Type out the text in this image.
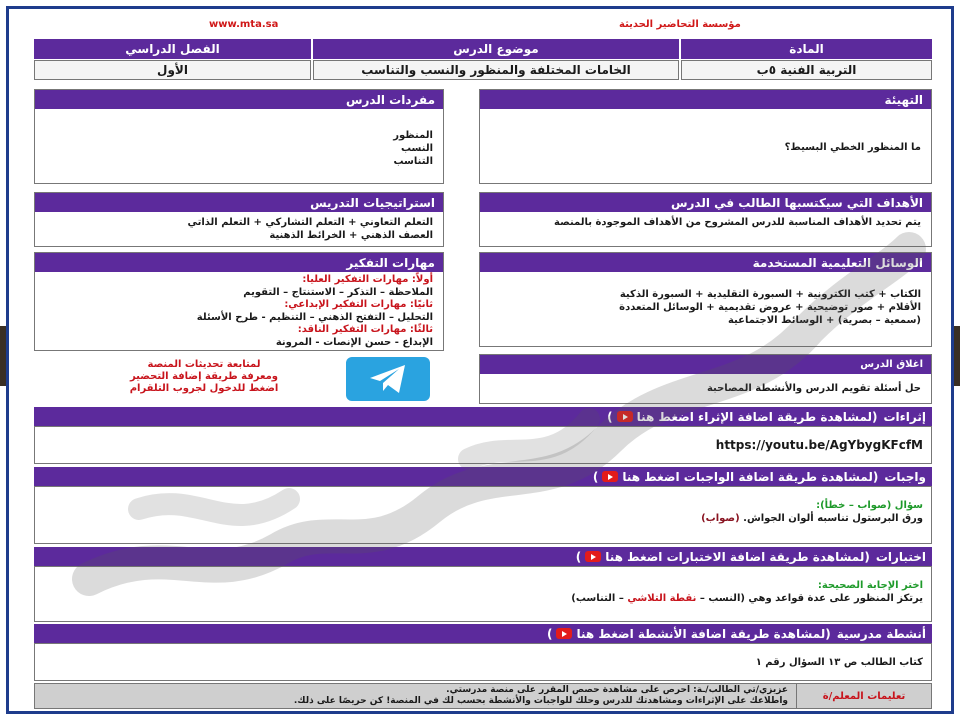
www.mta.sa	مؤسسة التحاضير الحديثة
الفصل الدراسي	موضوع الدرس	المادة
الأول	الخامات المختلفة والمنظور والنسب والتناسب	التربية الفنية ٥ب
التهيئة
ما المنظور الخطي البسيط؟
مفردات الدرس
المنظور
النسب
التناسب
الأهداف التي سيكتسبها الطالب في الدرس
يتم تحديد الأهداف المناسبة للدرس المشروح من الأهداف الموجودة بالمنصة
استراتيجيات التدريس
التعلم التعاوني + التعلم التشاركي + التعلم الذاتي
العصف الذهني + الخرائط الذهنية
الوسائل التعليمية المستخدمة
الكتاب + كتب الكترونية + السبورة التقليدية + السبورة الذكية
الأقلام + صور توضيحية + عروض تقديمية + الوسائل المتعددة
(سمعية – بصرية) + الوسائط الاجتماعية
مهارات التفكير
أولاً: مهارات التفكير العليا:
الملاحظة – التذكر – الاستنتاج – التقويم
ثانيًا: مهارات التفكير الإبداعي:
التحليل – التفتح الذهني – التنظيم - طرح الأسئلة
ثالثًا: مهارات التفكير الناقد:
الإبداع - حسن الإنصات - المرونة
لمتابعة تحديثات المنصة
ومعرفة طريقة إضافة التحضير
اضغط للدخول لجروب التلقرام
اغلاق الدرس
حل أسئلة تقويم الدرس والأنشطة المصاحبة
إثراءات
(لمشاهدة طريقة اضافة الإثراء اضغط هنا
)
https://youtu.be/AgYbygKFcfM
واجبات
(لمشاهدة طريقة اضافة الواجبات اضغط هنا
)
سؤال (صواب – خطأ):
ورق البرستول تناسبه ألوان الجواش. (صواب)
اختبارات
(لمشاهدة طريقة اضافة الاختبارات اضغط هنا
)
اختر الإجابة الصحيحة:
يرتكز المنظور على عدة قواعد وهي (النسب – نقطة التلاشي – التناسب)
أنشطة مدرسية
(لمشاهدة طريقة اضافة الأنشطة اضغط هنا
)
كتاب الطالب ص ١٣ السؤال رقم ١
تعليمات المعلم/ة
عزيزي/تي الطالب/ـة: احرص على مشاهدة حصص المقرر على منصة مدرستي.
واطلاعك على الإثراءات ومشاهدتك للدرس وحلك للواجبات والأنشطة بحسب لك في المنصة! كن حريصًا على ذلك.
